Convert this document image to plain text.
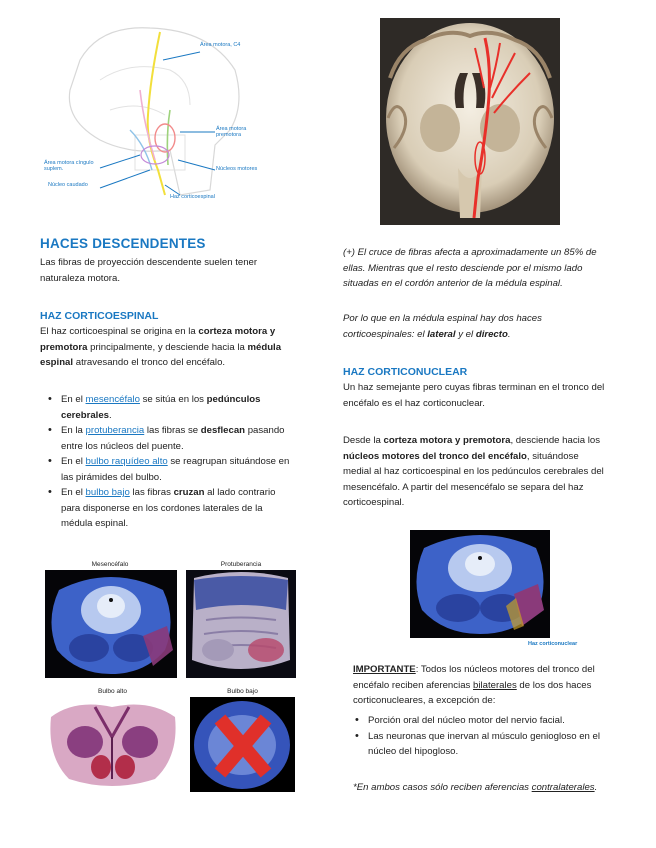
Área motora, C4
Área motora premotora
Núcleos motores
Área motora cíngulo suplem.
Núcleo caudado
Haz corticoespinal
HACES DESCENDENTES
Las fibras de proyección descendente suelen tener naturaleza motora.
HAZ CORTICOESPINAL
El haz corticoespinal se origina en la corteza motora y premotora principalmente, y desciende hacia la médula espinal atravesando el tronco del encéfalo.
• En el mesencéfalo se sitúa en los pedúnculos cerebrales.
• En la protuberancia las fibras se desflecan pasando entre los núcleos del puente.
• En el bulbo raquídeo alto se reagrupan situándose en las pirámides del bulbo.
• En el bulbo bajo las fibras cruzan al lado contrario para disponerse en los cordones laterales de la médula espinal.
Mesencéfalo	Protuberancia
Bulbo alto	Bulbo bajo
(+) El cruce de fibras afecta a aproximadamente un 85% de ellas. Mientras que el resto desciende por el mismo lado situadas en el cordón anterior de la médula espinal.
Por lo que en la médula espinal hay dos haces corticoespinales: el lateral y el directo.
HAZ CORTICONUCLEAR
Un haz semejante pero cuyas fibras terminan en el tronco del encéfalo es el haz corticonuclear.
Desde la corteza motora y premotora, desciende hacia los núcleos motores del tronco del encéfalo, situándose medial al haz corticoespinal en los pedúnculos cerebrales del mesencéfalo. A partir del mesencéfalo se separa del haz corticoespinal.
Haz corticonuclear
IMPORTANTE: Todos los núcleos motores del tronco del encéfalo reciben aferencias bilaterales de los dos haces corticonucleares, a excepción de:
• Porción oral del núcleo motor del nervio facial.
• Las neuronas que inervan al músculo geniogloso en el núcleo del hipogloso.
*En ambos casos sólo reciben aferencias contralaterales.
